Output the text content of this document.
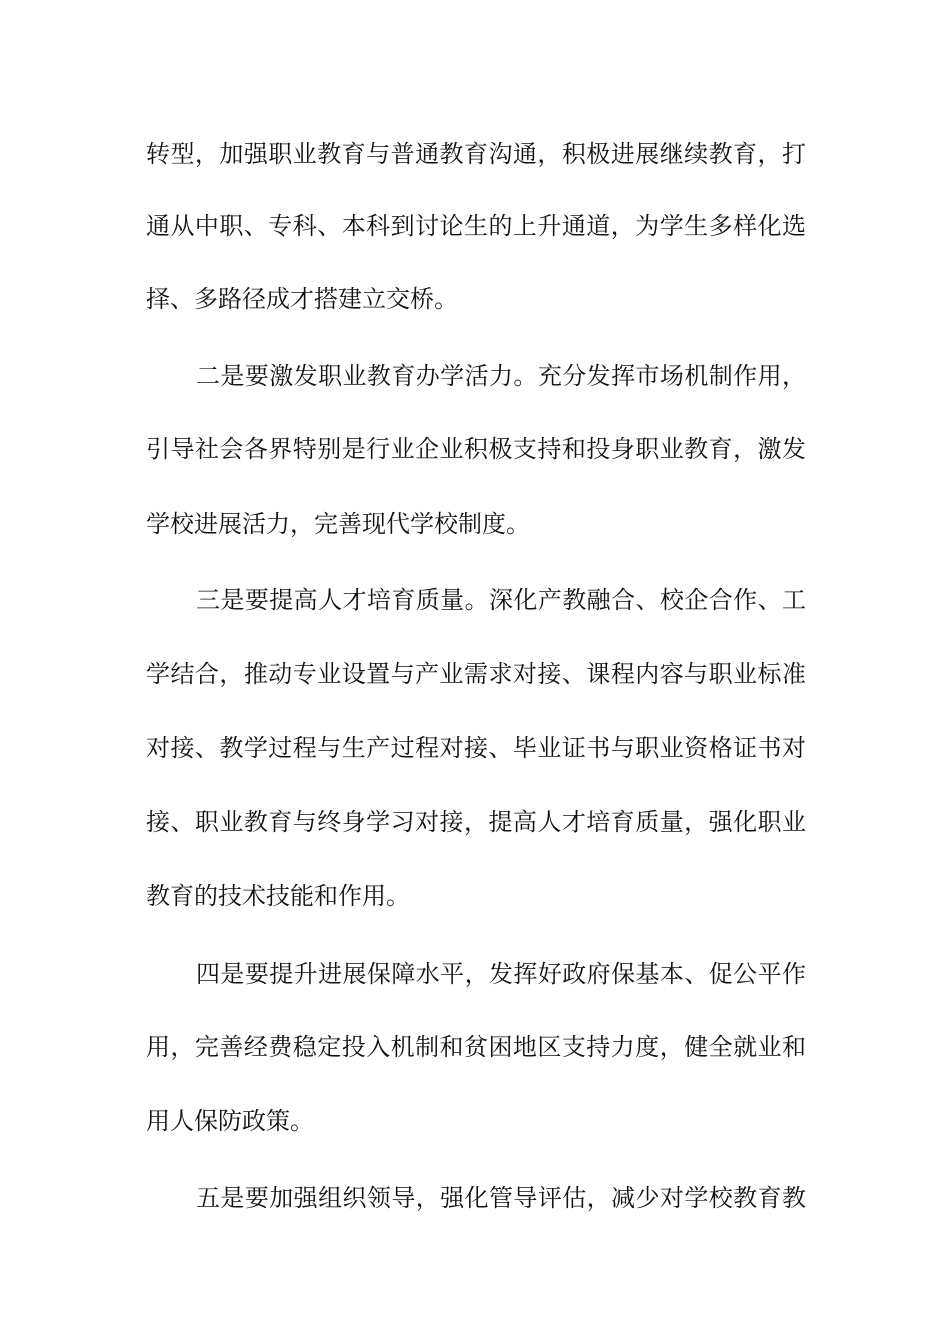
转型，加强职业教育与普通教育沟通，积极进展继续教育，打
通从中职、专科、本科到讨论生的上升通道，为学生多样化选
择、多路径成才搭建立交桥。
二是要激发职业教育办学活力。充分发挥市场机制作用，
引导社会各界特别是行业企业积极支持和投身职业教育，激发
学校进展活力，完善现代学校制度。
三是要提高人才培育质量。深化产教融合、校企合作、工
学结合，推动专业设置与产业需求对接、课程内容与职业标准
对接、教学过程与生产过程对接、毕业证书与职业资格证书对
接、职业教育与终身学习对接，提高人才培育质量，强化职业
教育的技术技能和作用。
四是要提升进展保障水平，发挥好政府保基本、促公平作
用，完善经费稳定投入机制和贫困地区支持力度，健全就业和
用人保防政策。
五是要加强组织领导，强化管导评估，减少对学校教育教
